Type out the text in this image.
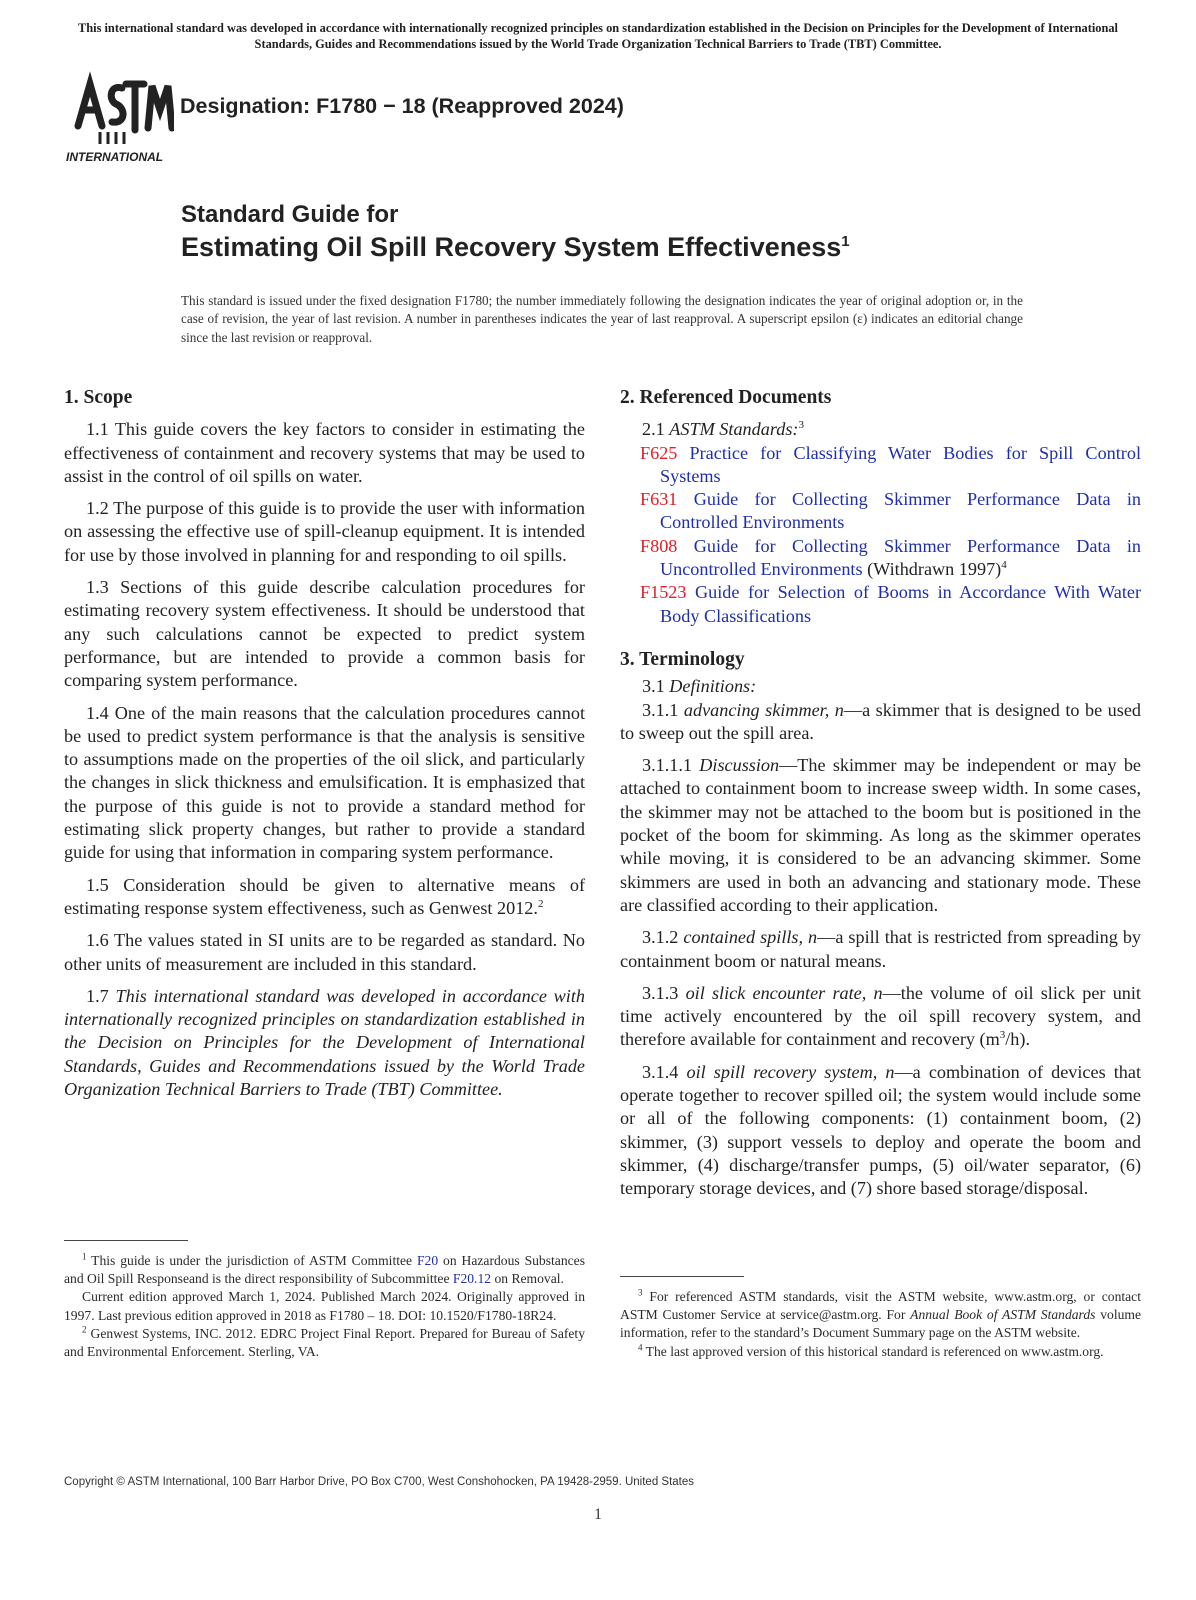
This international standard was developed in accordance with internationally recognized principles on standardization established in the Decision on Principles for the Development of International Standards, Guides and Recommendations issued by the World Trade Organization Technical Barriers to Trade (TBT) Committee.
INTERNATIONAL
Designation: F1780 − 18 (Reapproved 2024)
Standard Guide for
Estimating Oil Spill Recovery System Effectiveness$^1$
This standard is issued under the fixed designation F1780; the number immediately following the designation indicates the year of original adoption or, in the case of revision, the year of last revision. A number in parentheses indicates the year of last reapproval. A superscript epsilon (ε) indicates an editorial change since the last revision or reapproval.
1. Scope

1.1 This guide covers the key factors to consider in estimating the effectiveness of containment and recovery systems that may be used to assist in the control of oil spills on water.

1.2 The purpose of this guide is to provide the user with information on assessing the effective use of spill-cleanup equipment. It is intended for use by those involved in planning for and responding to oil spills.

1.3 Sections of this guide describe calculation procedures for estimating recovery system effectiveness. It should be understood that any such calculations cannot be expected to predict system performance, but are intended to provide a common basis for comparing system performance.

1.4 One of the main reasons that the calculation procedures cannot be used to predict system performance is that the analysis is sensitive to assumptions made on the properties of the oil slick, and particularly the changes in slick thickness and emulsification. It is emphasized that the purpose of this guide is not to provide a standard method for estimating slick property changes, but rather to provide a standard guide for using that information in comparing system performance.

1.5 Consideration should be given to alternative means of estimating response system effectiveness, such as Genwest 2012.$^2$

1.6 The values stated in SI units are to be regarded as standard. No other units of measurement are included in this standard.

1.7 This international standard was developed in accordance with internationally recognized principles on standardization established in the Decision on Principles for the Development of International Standards, Guides and Recommendations issued by the World Trade Organization Technical Barriers to Trade (TBT) Committee.

2. Referenced Documents

2.1 ASTM Standards:$^3$

F625 Practice for Classifying Water Bodies for Spill Control Systems
F631 Guide for Collecting Skimmer Performance Data in Controlled Environments
F808 Guide for Collecting Skimmer Performance Data in Uncontrolled Environments (Withdrawn 1997)$^4$
F1523 Guide for Selection of Booms in Accordance With Water Body Classifications
3. Terminology

3.1 Definitions:

3.1.1 advancing skimmer, n—a skimmer that is designed to be used to sweep out the spill area.

3.1.1.1 Discussion—The skimmer may be independent or may be attached to containment boom to increase sweep width. In some cases, the skimmer may not be attached to the boom but is positioned in the pocket of the boom for skimming. As long as the skimmer operates while moving, it is considered to be an advancing skimmer. Some skimmers are used in both an advancing and stationary mode. These are classified according to their application.

3.1.2 contained spills, n—a spill that is restricted from spreading by containment boom or natural means.

3.1.3 oil slick encounter rate, n—the volume of oil slick per unit time actively encountered by the oil spill recovery system, and therefore available for containment and recovery $(m^3/h)$.

3.1.4 oil spill recovery system, n—a combination of devices that operate together to recover spilled oil; the system would include some or all of the following components: (1) containment boom, (2) skimmer, (3) support vessels to deploy and operate the boom and skimmer, (4) discharge/transfer pumps, (5) oil/water separator, (6) temporary storage devices, and (7) shore based storage/disposal.

$^1$ This guide is under the jurisdiction of ASTM Committee F20 on Hazardous Substances and Oil Spill Responseand is the direct responsibility of Subcommittee F20.12 on Removal.

Current edition approved March 1, 2024. Published March 2024. Originally approved in 1997. Last previous edition approved in 2018 as F1780 – 18. DOI: 10.1520/F1780-18R24.

$^2$ Genwest Systems, INC. 2012. EDRC Project Final Report. Prepared for Bureau of Safety and Environmental Enforcement. Sterling, VA.

$^3$ For referenced ASTM standards, visit the ASTM website, www.astm.org, or contact ASTM Customer Service at service@astm.org. For Annual Book of ASTM Standards volume information, refer to the standard’s Document Summary page on the ASTM website.

$^4$ The last approved version of this historical standard is referenced on www.astm.org.

Copyright © ASTM International, 100 Barr Harbor Drive, PO Box C700, West Conshohocken, PA 19428-2959. United States
1
